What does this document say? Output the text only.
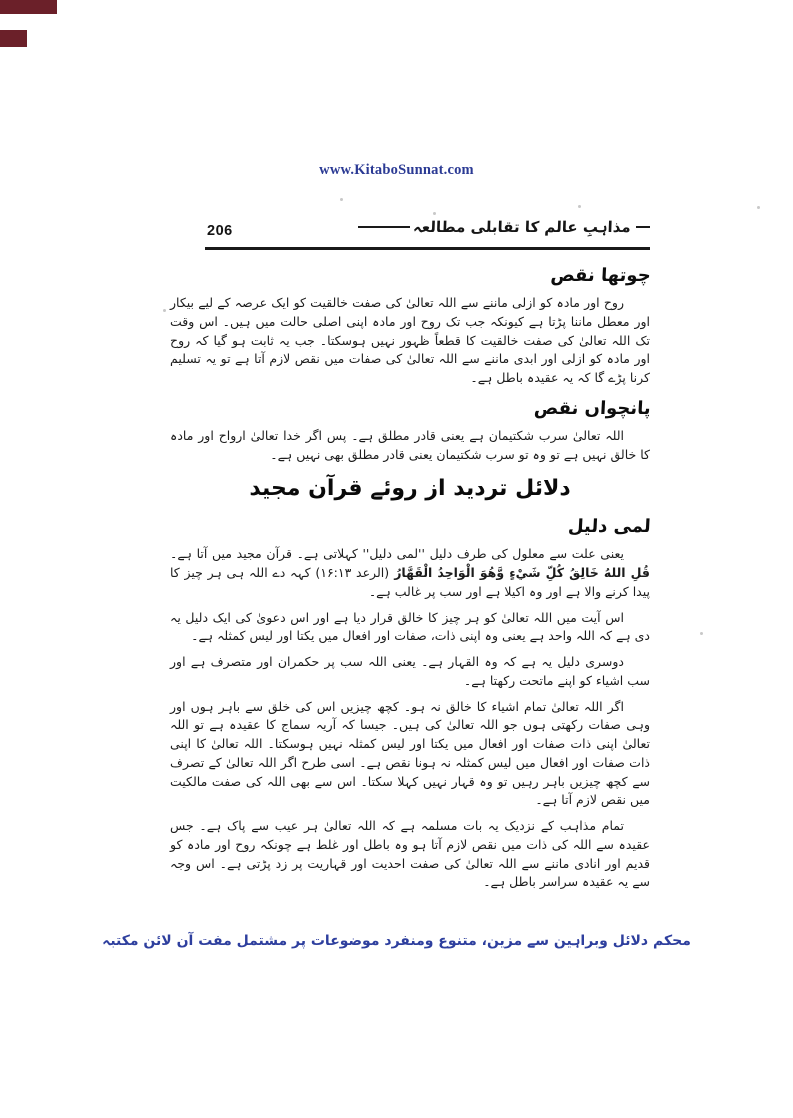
www.KitaboSunnat.com
206	مذاہبِ عالم کا تقابلی مطالعہ
چوتھا نقص

روح اور مادہ کو ازلی ماننے سے اللہ تعالیٰ کی صفت خالقیت کو ایک عرصہ کے لیے بیکار اور معطل ماننا پڑتا ہے کیونکہ جب تک روح اور مادہ اپنی اصلی حالت میں ہیں۔ اس وقت تک اللہ تعالیٰ کی صفت خالقیت کا قطعاً ظہور نہیں ہوسکتا۔ جب یہ ثابت ہو گیا کہ روح اور مادہ کو ازلی اور ابدی ماننے سے اللہ تعالیٰ کی صفات میں نقص لازم آتا ہے تو یہ تسلیم کرنا پڑے گا کہ یہ عقیدہ باطل ہے۔

پانچواں نقص

اللہ تعالیٰ سرب شکتیمان ہے یعنی قادر مطلق ہے۔ پس اگر خدا تعالیٰ ارواح اور مادہ کا خالق نہیں ہے تو وہ تو سرب شکتیمان یعنی قادر مطلق بھی نہیں ہے۔

دلائل تردید از روئے قرآن مجید
لمی دلیل

یعنی علت سے معلول کی طرف دلیل ''لمی دلیل'' کہلاتی ہے۔ قرآن مجید میں آتا ہے۔ قُلِ اللهُ خَالِقُ كُلِّ شَيْءٍ وَّهُوَ الْوَاحِدُ الْقَهَّارُ (الرعد ۱۶:۱۳) کہہ دے اللہ ہی ہر چیز کا پیدا کرنے والا ہے اور وہ اکیلا ہے اور سب پر غالب ہے۔

اس آیت میں اللہ تعالیٰ کو ہر چیز کا خالق قرار دیا ہے اور اس دعویٰ کی ایک دلیل یہ دی ہے کہ اللہ واحد ہے یعنی وہ اپنی ذات، صفات اور افعال میں یکتا اور لیس کمثلہ ہے۔

دوسری دلیل یہ ہے کہ وہ القہار ہے۔ یعنی اللہ سب پر حکمران اور متصرف ہے اور سب اشیاء کو اپنے ماتحت رکھتا ہے۔

اگر اللہ تعالیٰ تمام اشیاء کا خالق نہ ہو۔ کچھ چیزیں اس کی خلق سے باہر ہوں اور وہی صفات رکھتی ہوں جو اللہ تعالیٰ کی ہیں۔ جیسا کہ آریہ سماج کا عقیدہ ہے تو اللہ تعالیٰ اپنی ذات صفات اور افعال میں یکتا اور لیس کمثلہ نہیں ہوسکتا۔ اللہ تعالیٰ کا اپنی ذات صفات اور افعال میں لیس کمثلہ نہ ہونا نقص ہے۔ اسی طرح اگر اللہ تعالیٰ کے تصرف سے کچھ چیزیں باہر رہیں تو وہ قہار نہیں کہلا سکتا۔ اس سے بھی اللہ کی صفت مالکیت میں نقص لازم آتا ہے۔

تمام مذاہب کے نزدیک یہ بات مسلمہ ہے کہ اللہ تعالیٰ ہر عیب سے پاک ہے۔ جس عقیدہ سے اللہ کی ذات میں نقص لازم آتا ہو وہ باطل اور غلط ہے چونکہ روح اور مادہ کو قدیم اور انادی ماننے سے اللہ تعالیٰ کی صفت احدیت اور قہاریت پر زد پڑتی ہے۔ اس وجہ سے یہ عقیدہ سراسر باطل ہے۔

محکم دلائل وبراہین سے مزین، متنوع ومنفرد موضوعات پر مشتمل مفت آن لائن مکتبہ
